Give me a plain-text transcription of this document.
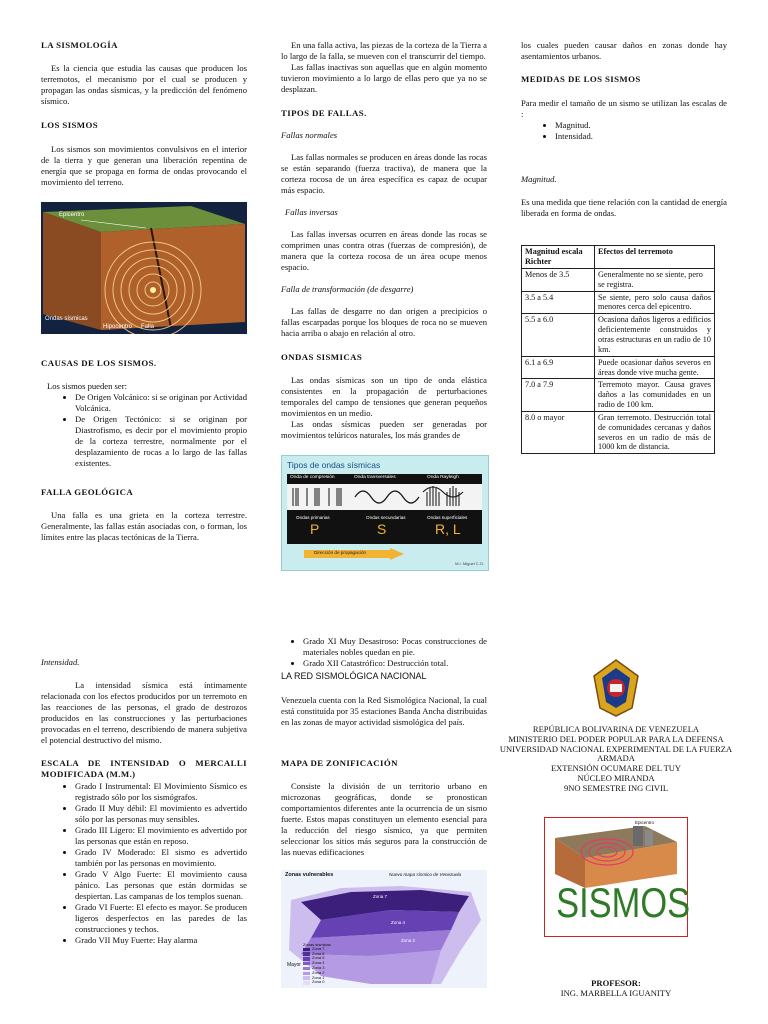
LA SISMOLOGÍA

Es la ciencia que estudia las causas que producen los terremotos, el mecanismo por el cual se producen y propagan las ondas sísmicas, y la predicción del fenómeno sísmico.

LOS SISMOS

Los sismos son movimientos convulsivos en el interior de la tierra y que generan una liberación repentina de energía que se propaga en forma de ondas provocando el movimiento del terreno.

Epicentro
Ondas sísmicas
Hipocentro Falla

CAUSAS DE LOS SISMOS.

Los sismos pueden ser:

• De Origen Volcánico: si se originan por Actividad Volcánica.
• De Origen Tectónico: si se originan por Diastrofismo, es decir por el movimiento propio de la corteza terrestre, normalmente por el desplazamiento de rocas a lo largo de las fallas existentes.

FALLA GEOLÓGICA

Una falla es una grieta en la corteza terrestre. Generalmente, las fallas están asociadas con, o forman, los límites entre las placas tectónicas de la Tierra.

En una falla activa, las piezas de la corteza de la Tierra a lo largo de la falla, se mueven con el transcurrir del tiempo.

Las fallas inactivas son aquellas que en algún momento tuvieron movimiento a lo largo de ellas pero que ya no se desplazan.

TIPOS DE FALLAS.

Fallas normales

Las fallas normales se producen en áreas donde las rocas se están separando (fuerza tractiva), de manera que la corteza rocosa de un área específica es capaz de ocupar más espacio.

Fallas inversas

Las fallas inversas ocurren en áreas donde las rocas se comprimen unas contra otras (fuerzas de compresión), de manera que la corteza rocosa de un área ocupe menos espacio.

Falla de transformación (de desgarre)

Las fallas de desgarre no dan origen a precipicios o fallas escarpadas porque los bloques de roca no se mueven hacia arriba o abajo en relación al otro.

ONDAS SISMICAS

Las ondas sísmicas son un tipo de onda elástica consistentes en la propagación de perturbaciones temporales del campo de tensiones que generan pequeños movimientos en un medio.

Las ondas sísmicas pueden ser generadas por movimientos telúricos naturales, los más grandes de

Tipos de ondas sísmicas
Onda de compresión	Onda transversales	Onda Rayleigh
Ondas primarias	Ondas secundarias	Ondas superficiales
P	S	R, L
Dirección de propagación
M.I. Miguel C.O.

los cuales pueden causar daños en zonas donde hay asentamientos urbanos.

MEDIDAS DE LOS SISMOS

Para medir el tamaño de un sismo se utilizan las escalas de :

• Magnitud.
• Intensidad.

Magnitud.

Es una medida que tiene relación con la cantidad de energía liberada en forma de ondas.

Magnitud escala Richter	Efectos del terremoto
Menos de 3.5	Generalmente no se siente, pero se registra.
3.5 a 5.4	Se siente, pero solo causa daños menores cerca del epicentro.
5.5 a 6.0	Ocasiona daños ligeros a edificios deficientemente construidos y otras estructuras en un radio de 10 km.
6.1 a 6.9	Puede ocasionar daños severos en áreas donde vive mucha gente.
7.0 a 7.9	Terremoto mayor. Causa graves daños a las comunidades en un radio de 100 km.
8.0 o mayor	Gran terremoto. Destrucción total de comunidades cercanas y daños severos en un radio de más de 1000 km de distancia.

Intensidad.

La intensidad sísmica está íntimamente relacionada con los efectos producidos por un terremoto en las reacciones de las personas, el grado de destrozos producidos en las construcciones y las perturbaciones provocadas en el terreno, describiendo de manera subjetiva el potencial destructivo del mismo.

ESCALA DE INTENSIDAD O MERCALLI MODIFICADA (M.M.)

• Grado I Instrumental: El Movimiento Sísmico es registrado sólo por los sismógrafos.
• Grado II Muy débil: El movimiento es advertido sólo por las personas muy sensibles.
• Grado III Ligero: El movimiento es advertido por las personas que están en reposo.
• Grado IV Moderado: El sismo es advertido también por las personas en movimiento.
• Grado V Algo Fuerte: El movimiento causa pánico. Las personas que están dormidas se despiertan. Las campanas de los templos suenan.
• Grado VI Fuerte: El efecto es mayor. Se producen ligeros desperfectos en las paredes de las construcciones y techos.
• Grado VII Muy Fuerte: Hay alarma
• Grado XI Muy Desastroso: Pocas construcciones de materiales nobles quedan en pie.
• Grado XII Catastrófico: Destrucción total.

LA RED SISMOLÓGICA NACIONAL

Venezuela cuenta con la Red Sismológica Nacional, la cual está constituida por 35 estaciones Banda Ancha distribuidas en las zonas de mayor actividad sismológica del país.

MAPA DE ZONIFICACIÓN

Consiste la división de un territorio urbano en microzonas geográficas, donde se pronostican comportamientos diferentes ante la ocurrencia de un sismo fuerte. Estos mapas constituyen un elemento esencial para la reducción del riesgo sísmico, ya que permiten seleccionar los sitios más seguros para la construcción de las nuevas edificaciones

Zonas vulnerables	Nuevo mapa sísmico de Venezuela
Zona 7
Zona 4
Zona 2
Mayor
Zonas sísmicas
Zona 7
Zona 6
Zona 5
Zona 4
Zona 3
Zona 2
Zona 1
Zona 0
REPÚBLICA BOLIVARINA DE VENEZUELA
MINISTERIO DEL PODER POPULAR PARA LA DEFENSA
UNIVERSIDAD NACIONAL EXPERIMENTAL DE LA FUERZA ARMADA
EXTENSIÓN OCUMARE DEL TUY
NÚCLEO MIRANDA
9NO SEMESTRE ING CIVIL
Epicentro
SISMOS
PROFESOR:
ING. MARBELLA IGUANITY
